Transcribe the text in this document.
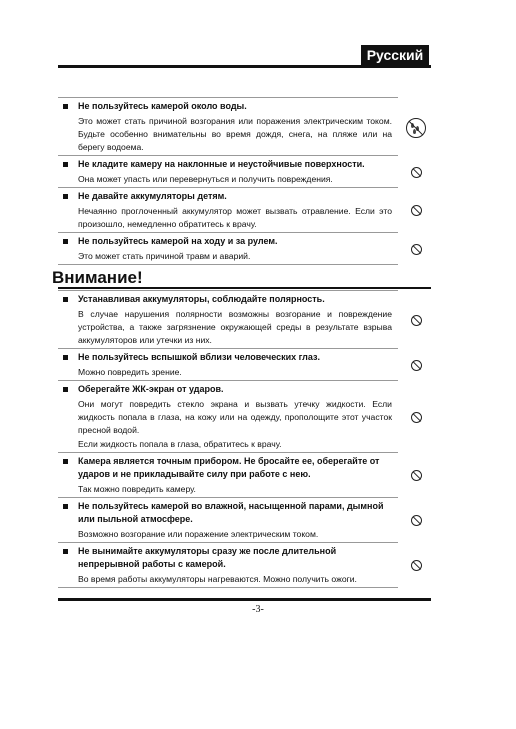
Русский
Не пользуйтесь камерой около воды.
Это может стать причиной возгорания или поражения электрическим током. Будьте особенно внимательны во время дождя, снега, на пляже или на берегу водоема.
Не кладите камеру на наклонные и неустойчивые поверхности.
Она может упасть или перевернуться и получить повреждения.
Не давайте аккумуляторы детям.
Нечаянно проглоченный аккумулятор может вызвать отравление. Если это произошло, немедленно обратитесь к врачу.
Не пользуйтесь камерой на ходу и за рулем.
Это может стать причиной травм и аварий.
Внимание!
Устанавливая аккумуляторы, соблюдайте полярность.
В случае нарушения полярности возможны возгорание и повреждение устройства, а также загрязнение окружающей среды в результате взрыва аккумуляторов или утечки из них.
Не пользуйтесь вспышкой вблизи человеческих глаз.
Можно повредить зрение.
Оберегайте ЖК-экран от ударов.
Они могут повредить стекло экрана и вызвать утечку жидкости. Если жидкость попала в глаза, на кожу или на одежду, прополощите этот участок пресной водой.
Если жидкость попала в глаза, обратитесь к врачу.
Камера является точным прибором. Не бросайте ее, оберегайте от ударов и не прикладывайте силу при работе с нею.
Так можно повредить камеру.
Не пользуйтесь камерой во влажной, насыщенной парами, дымной или пыльной атмосфере.
Возможно возгорание или поражение электрическим током.
Не вынимайте аккумуляторы сразу же после длительной непрерывной работы с камерой.
Во время работы аккумуляторы нагреваются. Можно получить ожоги.
-3-
